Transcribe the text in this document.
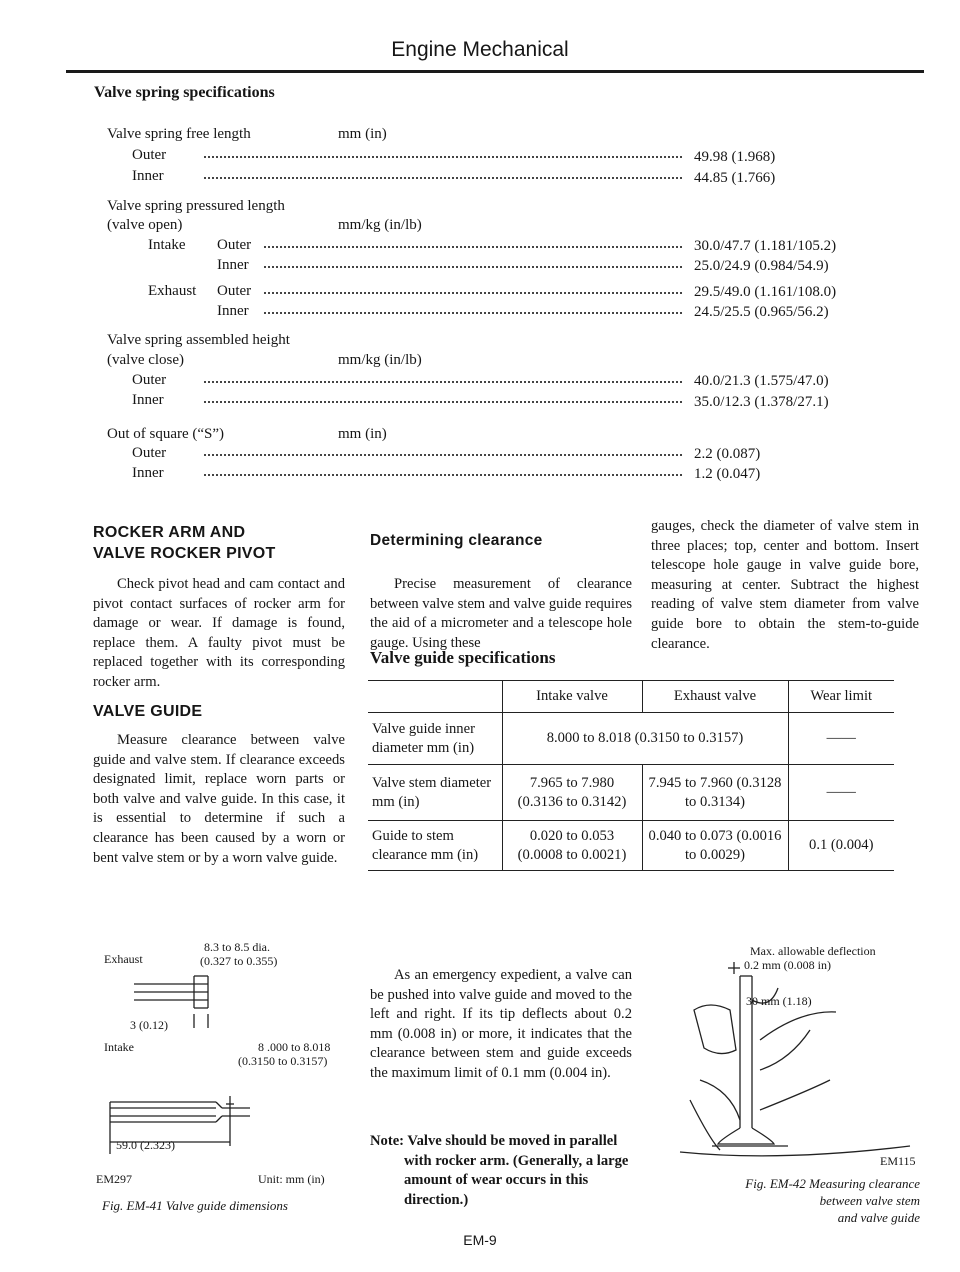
Engine Mechanical
Valve spring specifications
Valve spring free length	mm (in)
Outer	49.98 (1.968)
Inner	44.85 (1.766)
Valve spring pressured length
(valve open)	mm/kg (in/lb)
Intake Outer	30.0/47.7 (1.181/105.2)
Inner	25.0/24.9 (0.984/54.9)
Exhaust Outer	29.5/49.0 (1.161/108.0)
Inner	24.5/25.5 (0.965/56.2)
Valve spring assembled height
(valve close)	mm/kg (in/lb)
Outer	40.0/21.3 (1.575/47.0)
Inner	35.0/12.3 (1.378/27.1)
Out of square (“S”)	mm (in)
Outer	2.2 (0.087)
Inner	1.2 (0.047)
ROCKER ARM AND
VALVE ROCKER PIVOT
Check pivot head and cam contact and pivot contact surfaces of rocker arm for damage or wear. If damage is found, replace them. A faulty pivot must be replaced together with its corresponding rocker arm.
VALVE GUIDE
Measure clearance between valve guide and valve stem. If clearance exceeds designated limit, replace worn parts or both valve and valve guide. In this case, it is essential to determine if such a clearance has been caused by a worn or bent valve stem or by a worn valve guide.
Determining clearance
Precise measurement of clearance between valve stem and valve guide requires the aid of a micrometer and a telescope hole gauge. Using these
gauges, check the diameter of valve stem in three places; top, center and bottom. Insert telescope hole gauge in valve guide bore, measuring at center. Subtract the highest reading of valve stem diameter from valve guide bore to obtain the stem-to-guide clearance.
Valve guide specifications
	Intake valve	Exhaust valve	Wear limit
Valve guide inner diameter mm (in)	8.000 to 8.018 (0.3150 to 0.3157)		——
Valve stem diameter mm (in)	7.965 to 7.980 (0.3136 to 0.3142)	7.945 to 7.960 (0.3128 to 0.3134)	——
Guide to stem clearance mm (in)	0.020 to 0.053 (0.0008 to 0.0021)	0.040 to 0.073 (0.0016 to 0.0029)	0.1 (0.004)
As an emergency expedient, a valve can be pushed into valve guide and moved to the left and right. If its tip deflects about 0.2 mm (0.008 in) or more, it indicates that the clearance between stem and guide exceeds the maximum limit of 0.1 mm (0.004 in).
Note: Valve should be moved in parallel with rocker arm. (Generally, a large amount of wear occurs in this direction.)
Exhaust
8.3 to 8.5 dia.
(0.327 to 0.355)
3 (0.12)
Intake	8 .000 to 8.018
(0.3150 to 0.3157)
59.0 (2.323)
EM297	Unit: mm (in)
Fig. EM-41 Valve guide dimensions
Max. allowable deflection
0.2 mm (0.008 in)
30 mm (1.18)
EM115
Fig. EM-42 Measuring clearance
between valve stem
and valve guide
EM-9
